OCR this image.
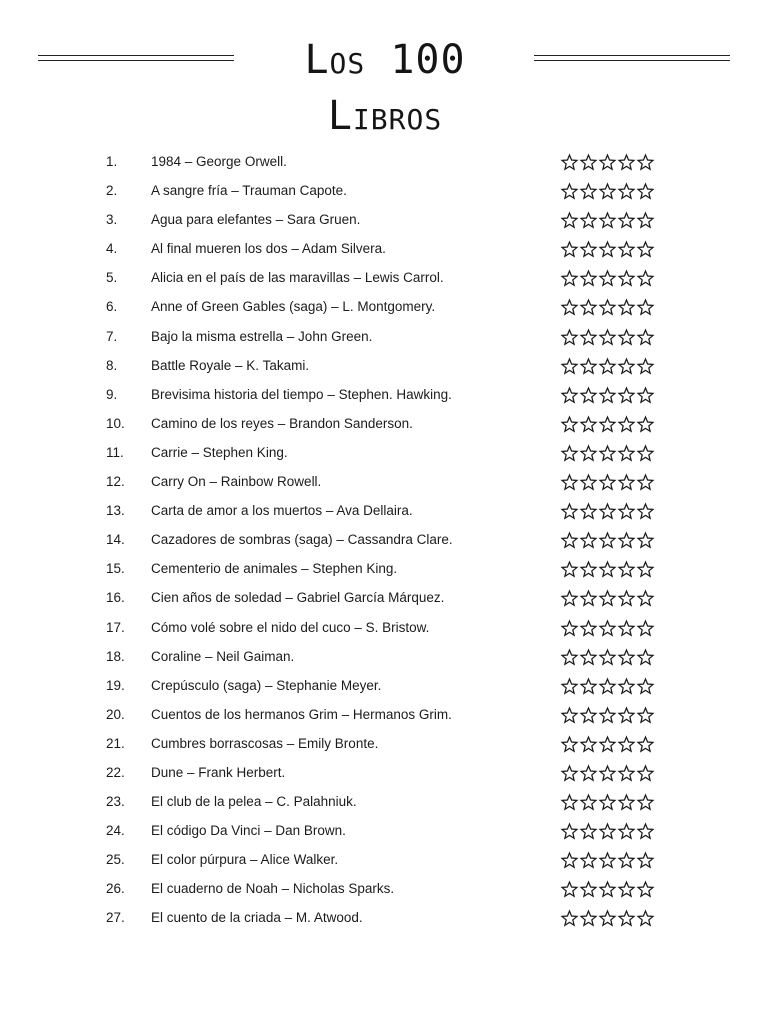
Los 100 Libros
1. 1984 – George Orwell.
2. A sangre fría – Trauman Capote.
3. Agua para elefantes – Sara Gruen.
4. Al final mueren los dos – Adam Silvera.
5. Alicia en el país de las maravillas – Lewis Carrol.
6. Anne of Green Gables (saga) – L. Montgomery.
7. Bajo la misma estrella – John Green.
8. Battle Royale – K. Takami.
9. Brevisima historia del tiempo – Stephen. Hawking.
10. Camino de los reyes – Brandon Sanderson.
11. Carrie – Stephen King.
12. Carry On – Rainbow Rowell.
13. Carta de amor a los muertos – Ava Dellaira.
14. Cazadores de sombras (saga) – Cassandra Clare.
15. Cementerio de animales – Stephen King.
16. Cien años de soledad – Gabriel García Márquez.
17. Cómo volé sobre el nido del cuco – S. Bristow.
18. Coraline – Neil Gaiman.
19. Crepúsculo (saga) – Stephanie Meyer.
20. Cuentos de los hermanos Grim – Hermanos Grim.
21. Cumbres borrascosas – Emily Bronte.
22. Dune – Frank Herbert.
23. El club de la pelea – C. Palahniuk.
24. El código Da Vinci – Dan Brown.
25. El color púrpura – Alice Walker.
26. El cuaderno de Noah – Nicholas Sparks.
27. El cuento de la criada – M. Atwood.
